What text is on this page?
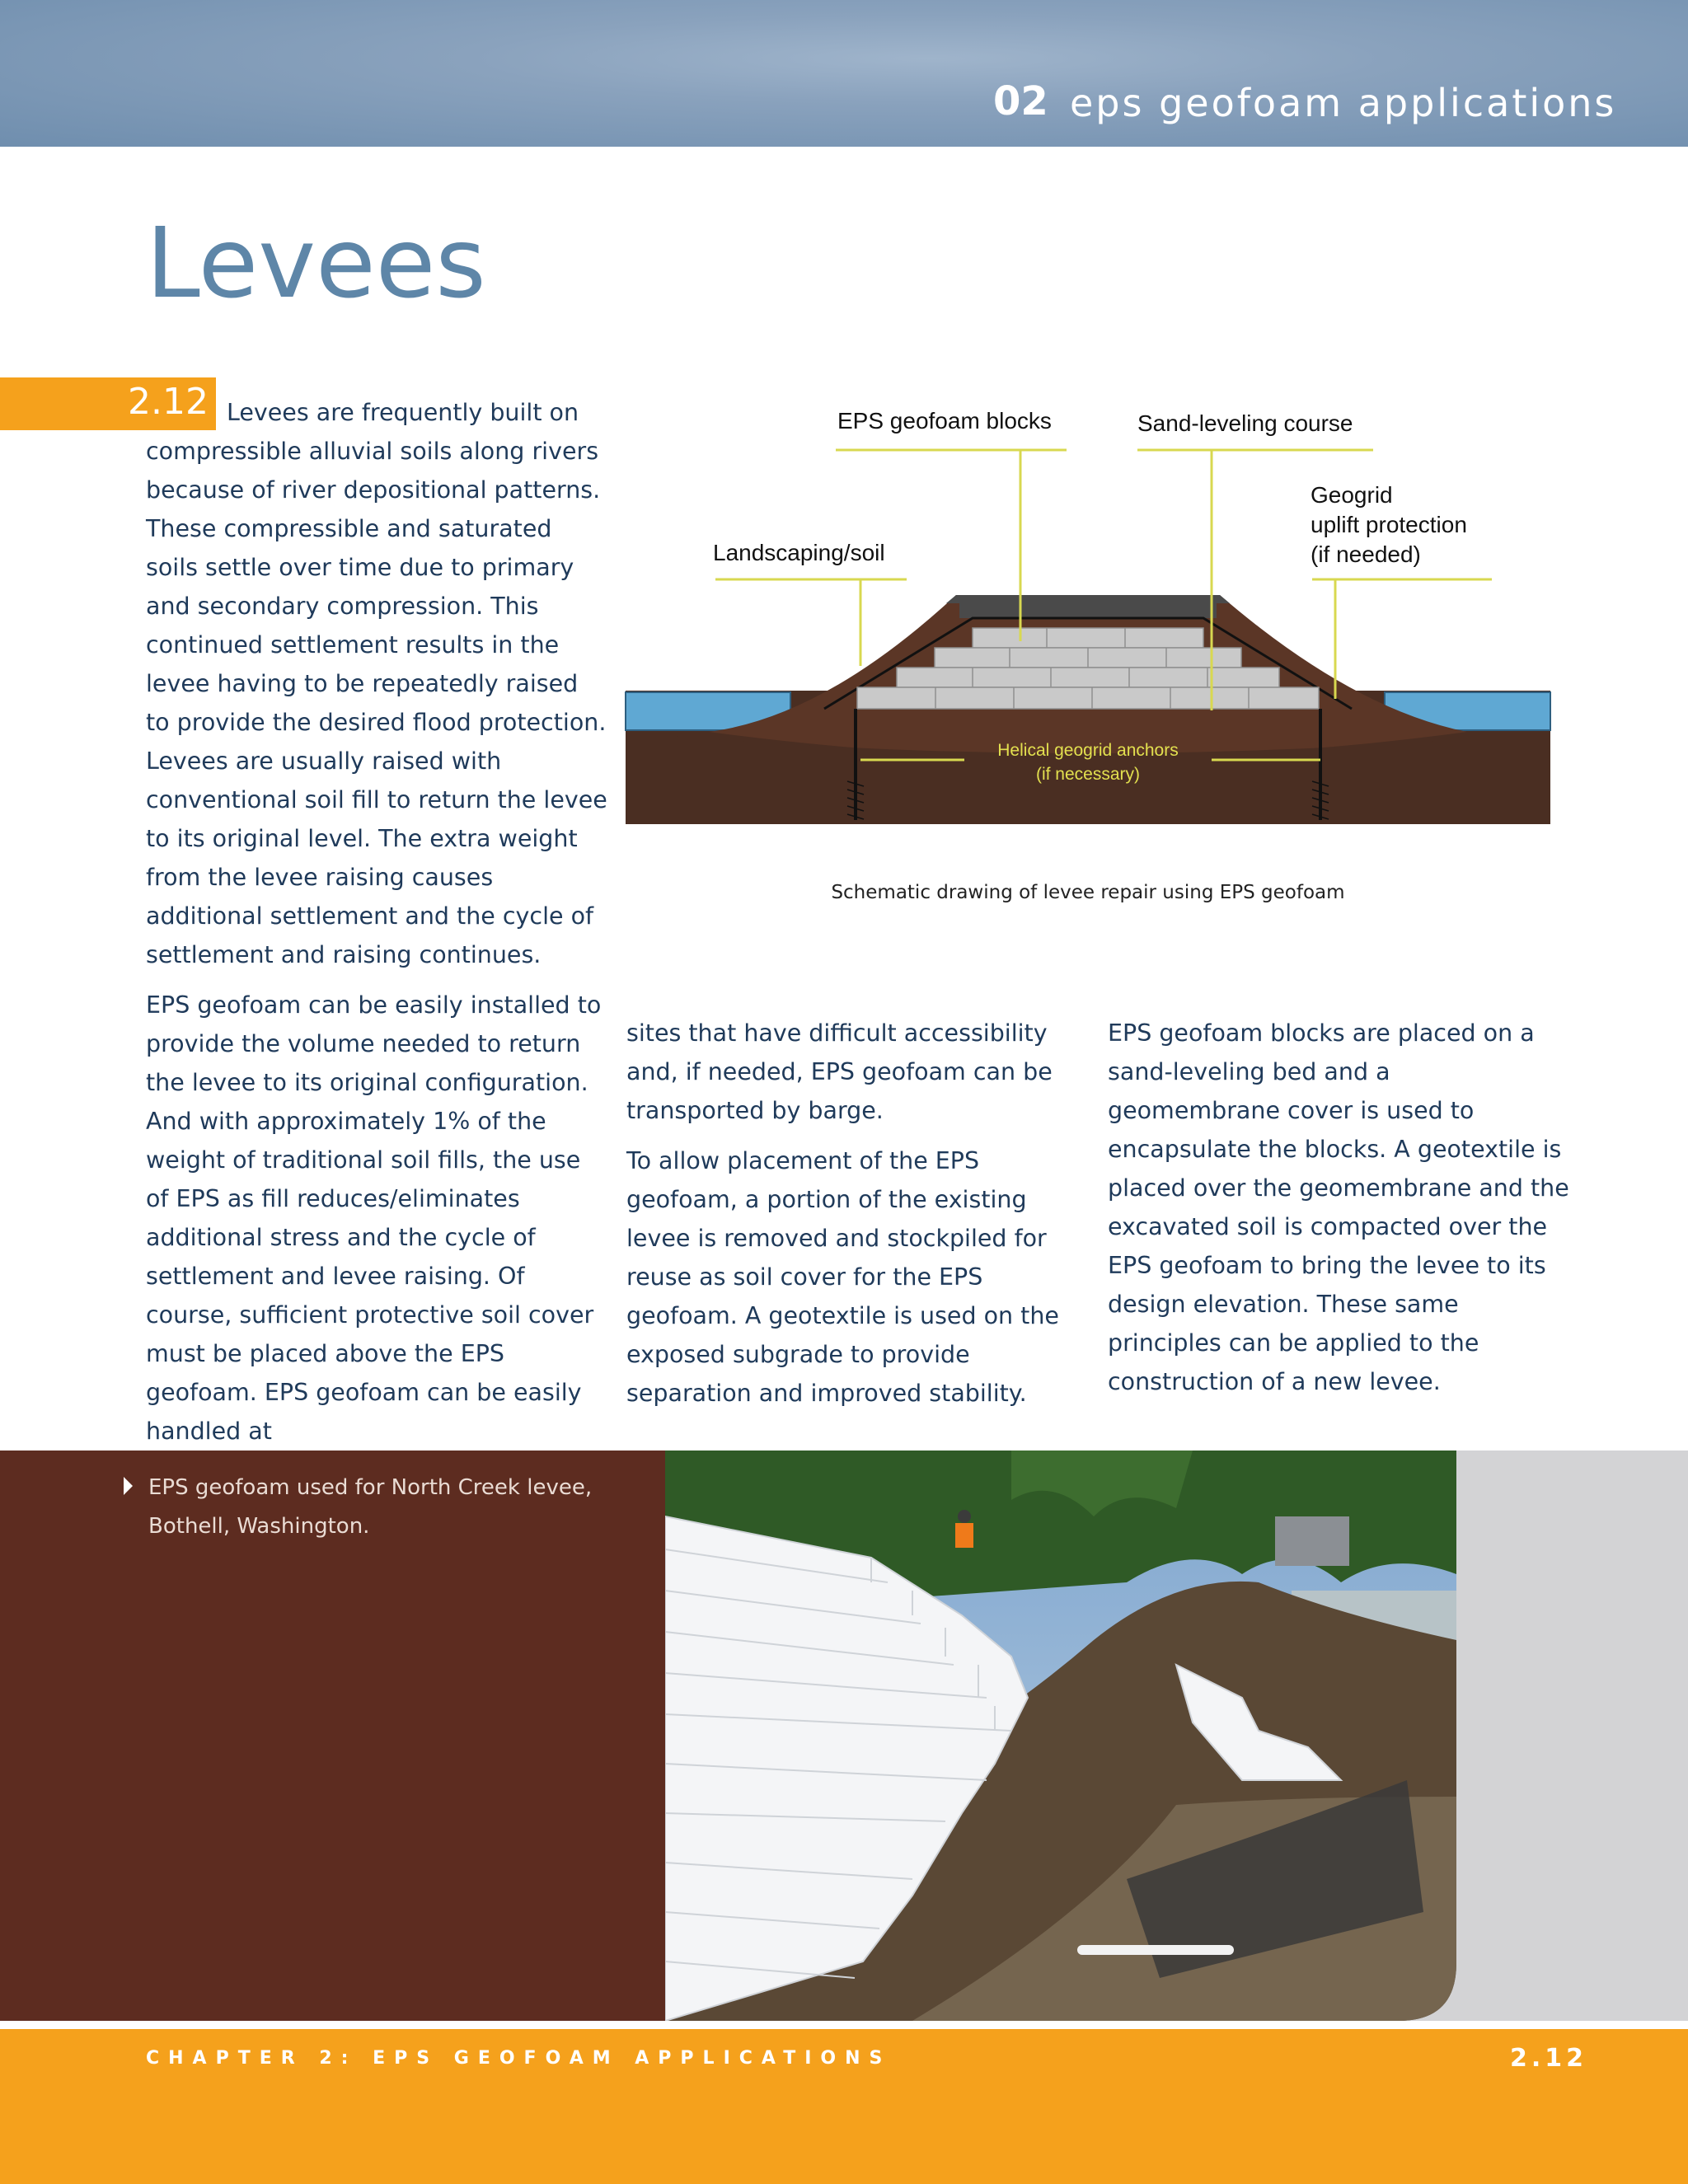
02 eps geofoam applications
Levees
2.12 Levees are frequently built on

compressible alluvial soils along rivers because of river depositional patterns. These compressible and saturated soils settle over time due to primary and secondary compression. This continued settlement results in the levee having to be repeatedly raised to provide the desired flood protection. Levees are usually raised with conventional soil fill to return the levee to its original level. The extra weight from the levee raising causes additional settlement and the cycle of settlement and raising continues.

EPS geofoam can be easily installed to provide the volume needed to return the levee to its original configuration. And with approximately 1% of the weight of traditional soil fills, the use of EPS as fill reduces/eliminates additional stress and the cycle of settlement and levee raising. Of course, sufficient protective soil cover must be placed above the EPS geofoam. EPS geofoam can be easily handled at

sites that have difficult accessibility and, if needed, EPS geofoam can be transported by barge.

To allow placement of the EPS geofoam, a portion of the existing levee is removed and stockpiled for reuse as soil cover for the EPS geofoam. A geotextile is used on the exposed subgrade to provide separation and improved stability.

EPS geofoam blocks are placed on a sand-leveling bed and a geomembrane cover is used to encapsulate the blocks. A geotextile is placed over the geomembrane and the excavated soil is compacted over the EPS geofoam to bring the levee to its design elevation. These same principles can be applied to the construction of a new levee.

EPS geofoam blocks	Sand-leveling course
Geogrid
uplift protection
(if needed)
Landscaping/soil
Helical geogrid anchors
(if necessary)
Schematic drawing of levee repair using EPS geofoam
EPS geofoam used for North Creek levee, Bothell, Washington.
CHAPTER 2: EPS GEOFOAM APPLICATIONS	2.12
